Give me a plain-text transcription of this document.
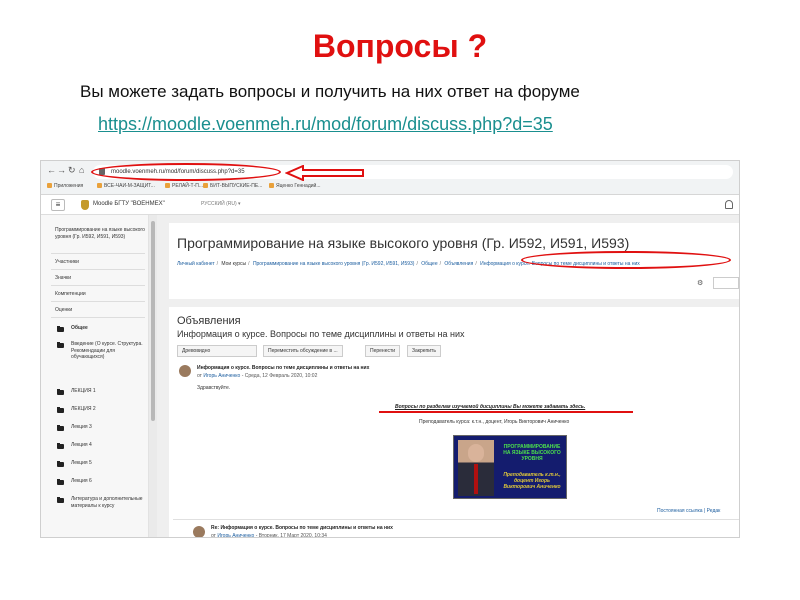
Вопросы ?
Вы можете задать вопросы и получить на них ответ на форуме
https://moodle.voenmeh.ru/mod/forum/discuss.php?d=35
← → ↻ ⌂	moodle.voenmeh.ru/mod/forum/discuss.php?d=35
Приложения	ВСЕ-ЧАИ-М-ЗАЩИТ...	РЕЛАЙ-Т-П...	БИТ-ВЫПУСКИЕ-ПЕ...	Яценко Геннадий...
≡	Moodle БГТУ "ВОЕНМЕХ"	РУССКИЙ (RU) ▾
Программирование на языке высокого уровня (Гр. И592, И591, И593)
Участники
Значки
Компетенции
Оценки
Общее
Введение (О курсе. Структура. Рекомендации для обучающихся)
ЛЕКЦИЯ 1
ЛЕКЦИЯ 2
Лекция 3
Лекция 4
Лекция 5
Лекция 6
Литература и дополнительные материалы к курсу
Программирование на языке высокого уровня (Гр. И592, И591, И593)
Личный кабинет / Мои курсы / Программирование на языке высокого уровня (Гр. И592, И591, И593) / Общее / Объявления / Информация о курсе. Вопросы по теме дисциплины и ответы на них
⚙
Объявления
Информация о курсе. Вопросы по теме дисциплины и ответы на них
Древовидно	Переместить обсуждение в ...	Перенести	Закрепить
Информация о курсе. Вопросы по теме дисциплины и ответы на них
от Игорь Аниченко - Среда, 12 Февраль 2020, 10:02
Здравствуйте.
Вопросы по разделам изучаемой дисциплины Вы можете задавать здесь.
Преподаватель курса: к.т.н., доцент, Игорь Викторович Аниченко
ПРОГРАММИРОВАНИЕ НА ЯЗЫКЕ ВЫСОКОГО УРОВНЯ
Преподаватель к.т.н., доцент Игорь Викторович Аниченко
Постоянная ссылка | Редак
Re: Информация о курсе. Вопросы по теме дисциплины и ответы на них
от Игорь Аниченко - Вторник, 17 Март 2020, 10:34
